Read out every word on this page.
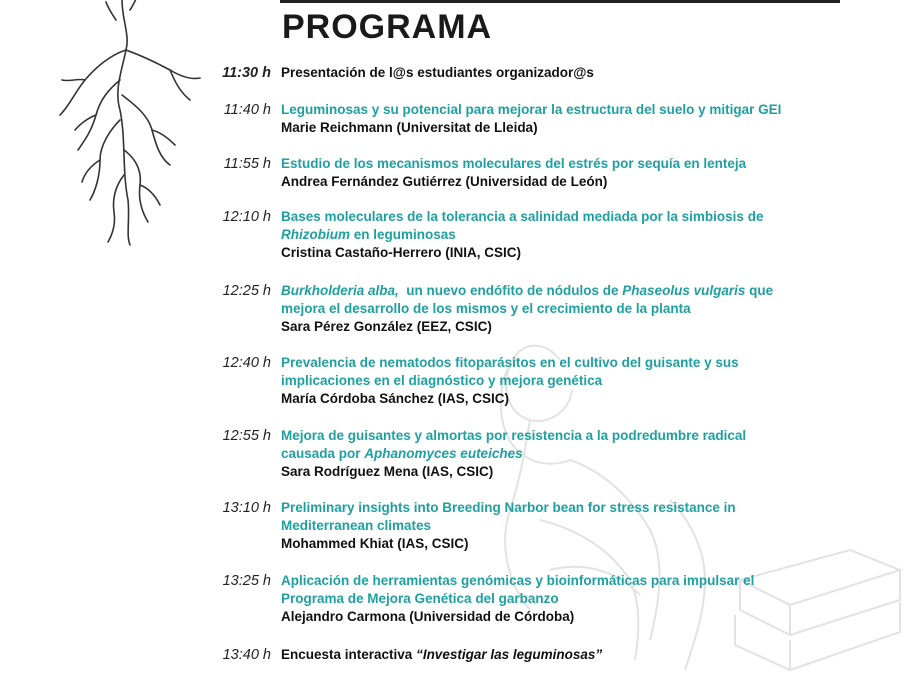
PROGRAMA
11:30 h Presentación de l@s estudiantes organizador@s
11:40 h Leguminosas y su potencial para mejorar la estructura del suelo y mitigar GEI
Marie Reichmann (Universitat de Lleida)
11:55 h Estudio de los mecanismos moleculares del estrés por sequía en lenteja
Andrea Fernández Gutiérrez (Universidad de León)
12:10 h Bases moleculares de la tolerancia a salinidad mediada por la simbiosis de
Rhizobium en leguminosas
Cristina Castaño-Herrero (INIA, CSIC)
12:25 h Burkholderia alba,  un nuevo endófito de nódulos de Phaseolus vulgaris que
mejora el desarrollo de los mismos y el crecimiento de la planta
Sara Pérez González (EEZ, CSIC)
12:40 h Prevalencia de nematodos fitoparásitos en el cultivo del guisante y sus
implicaciones en el diagnóstico y mejora genética
María Córdoba Sánchez (IAS, CSIC)
12:55 h Mejora de guisantes y almortas por resistencia a la podredumbre radical
causada por Aphanomyces euteiches
Sara Rodríguez Mena (IAS, CSIC)
13:10 h Preliminary insights into Breeding Narbor bean for stress resistance in
Mediterranean climates
Mohammed Khiat (IAS, CSIC)
13:25 h Aplicación de herramientas genómicas y bioinformáticas para impulsar el
Programa de Mejora Genética del garbanzo
Alejandro Carmona (Universidad de Córdoba)
13:40 h Encuesta interactiva “Investigar las leguminosas”
